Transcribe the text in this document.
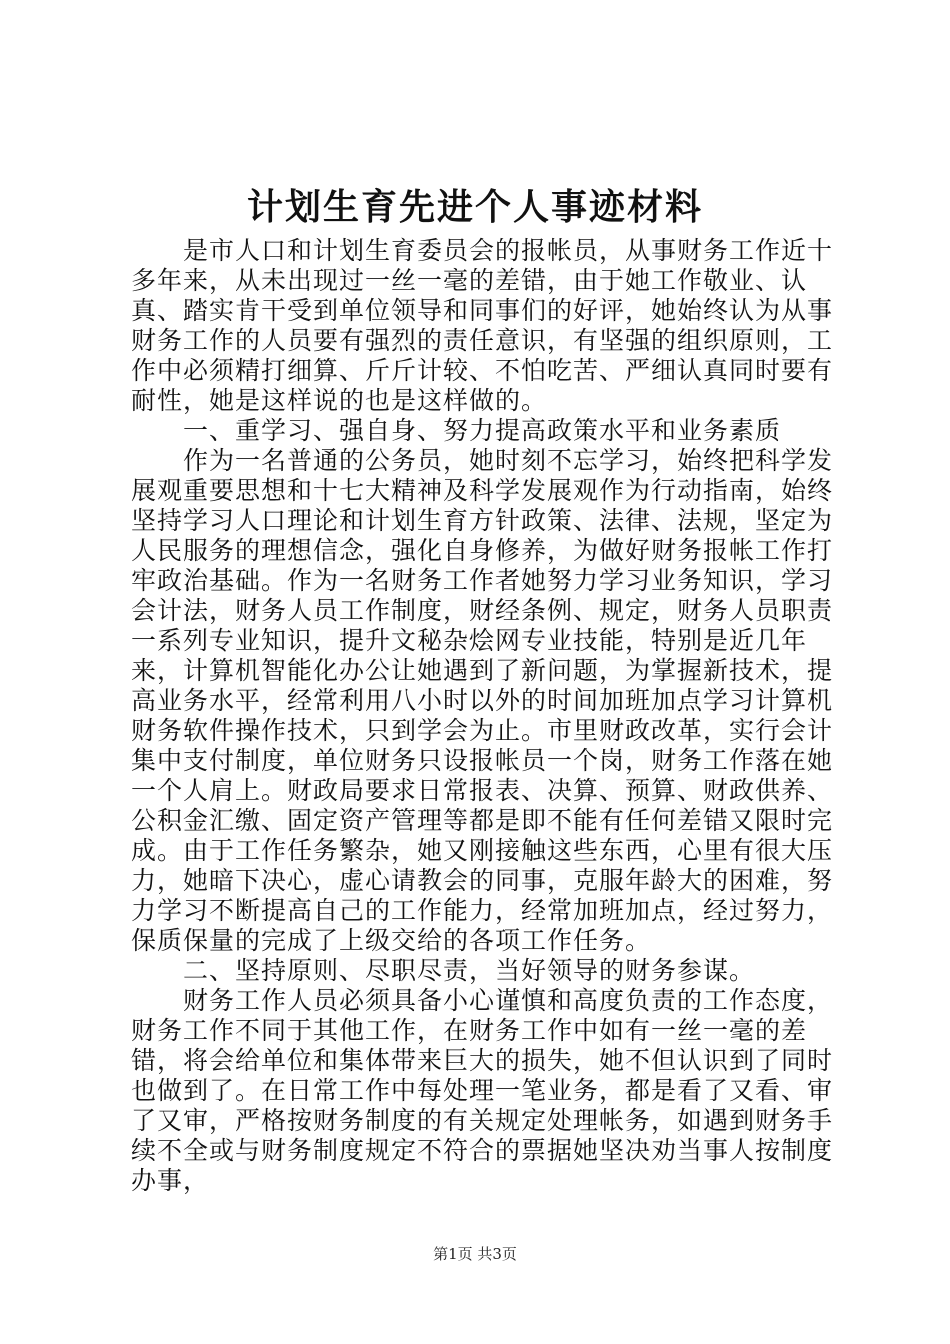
计划生育先进个人事迹材料

是市人口和计划生育委员会的报帐员，从事财务工作近十多年来，从未出现过一丝一毫的差错，由于她工作敬业、认真、踏实肯干受到单位领导和同事们的好评，她始终认为从事财务工作的人员要有强烈的责任意识，有坚强的组织原则，工作中必须精打细算、斤斤计较、不怕吃苦、严细认真同时要有耐性，她是这样说的也是这样做的。

一、重学习、强自身、努力提高政策水平和业务素质

作为一名普通的公务员，她时刻不忘学习，始终把科学发展观重要思想和十七大精神及科学发展观作为行动指南，始终坚持学习人口理论和计划生育方针政策、法律、法规，坚定为人民服务的理想信念，强化自身修养，为做好财务报帐工作打牢政治基础。作为一名财务工作者她努力学习业务知识，学习会计法，财务人员工作制度，财经条例、规定，财务人员职责一系列专业知识，提升文秘杂烩网专业技能，特别是近几年来，计算机智能化办公让她遇到了新问题，为掌握新技术，提高业务水平，经常利用八小时以外的时间加班加点学习计算机财务软件操作技术，只到学会为止。市里财政改革，实行会计集中支付制度，单位财务只设报帐员一个岗，财务工作落在她一个人肩上。财政局要求日常报表、决算、预算、财政供养、公积金汇缴、固定资产管理等都是即不能有任何差错又限时完成。由于工作任务繁杂，她又刚接触这些东西，心里有很大压力，她暗下决心，虚心请教会的同事，克服年龄大的困难，努力学习不断提高自己的工作能力，经常加班加点，经过努力，保质保量的完成了上级交给的各项工作任务。

二、坚持原则、尽职尽责，当好领导的财务参谋。

财务工作人员必须具备小心谨慎和高度负责的工作态度，财务工作不同于其他工作，在财务工作中如有一丝一毫的差错，将会给单位和集体带来巨大的损失，她不但认识到了同时也做到了。在日常工作中每处理一笔业务，都是看了又看、审了又审，严格按财务制度的有关规定处理帐务，如遇到财务手续不全或与财务制度规定不符合的票据她坚决劝当事人按制度办事，

第1页 共3页
